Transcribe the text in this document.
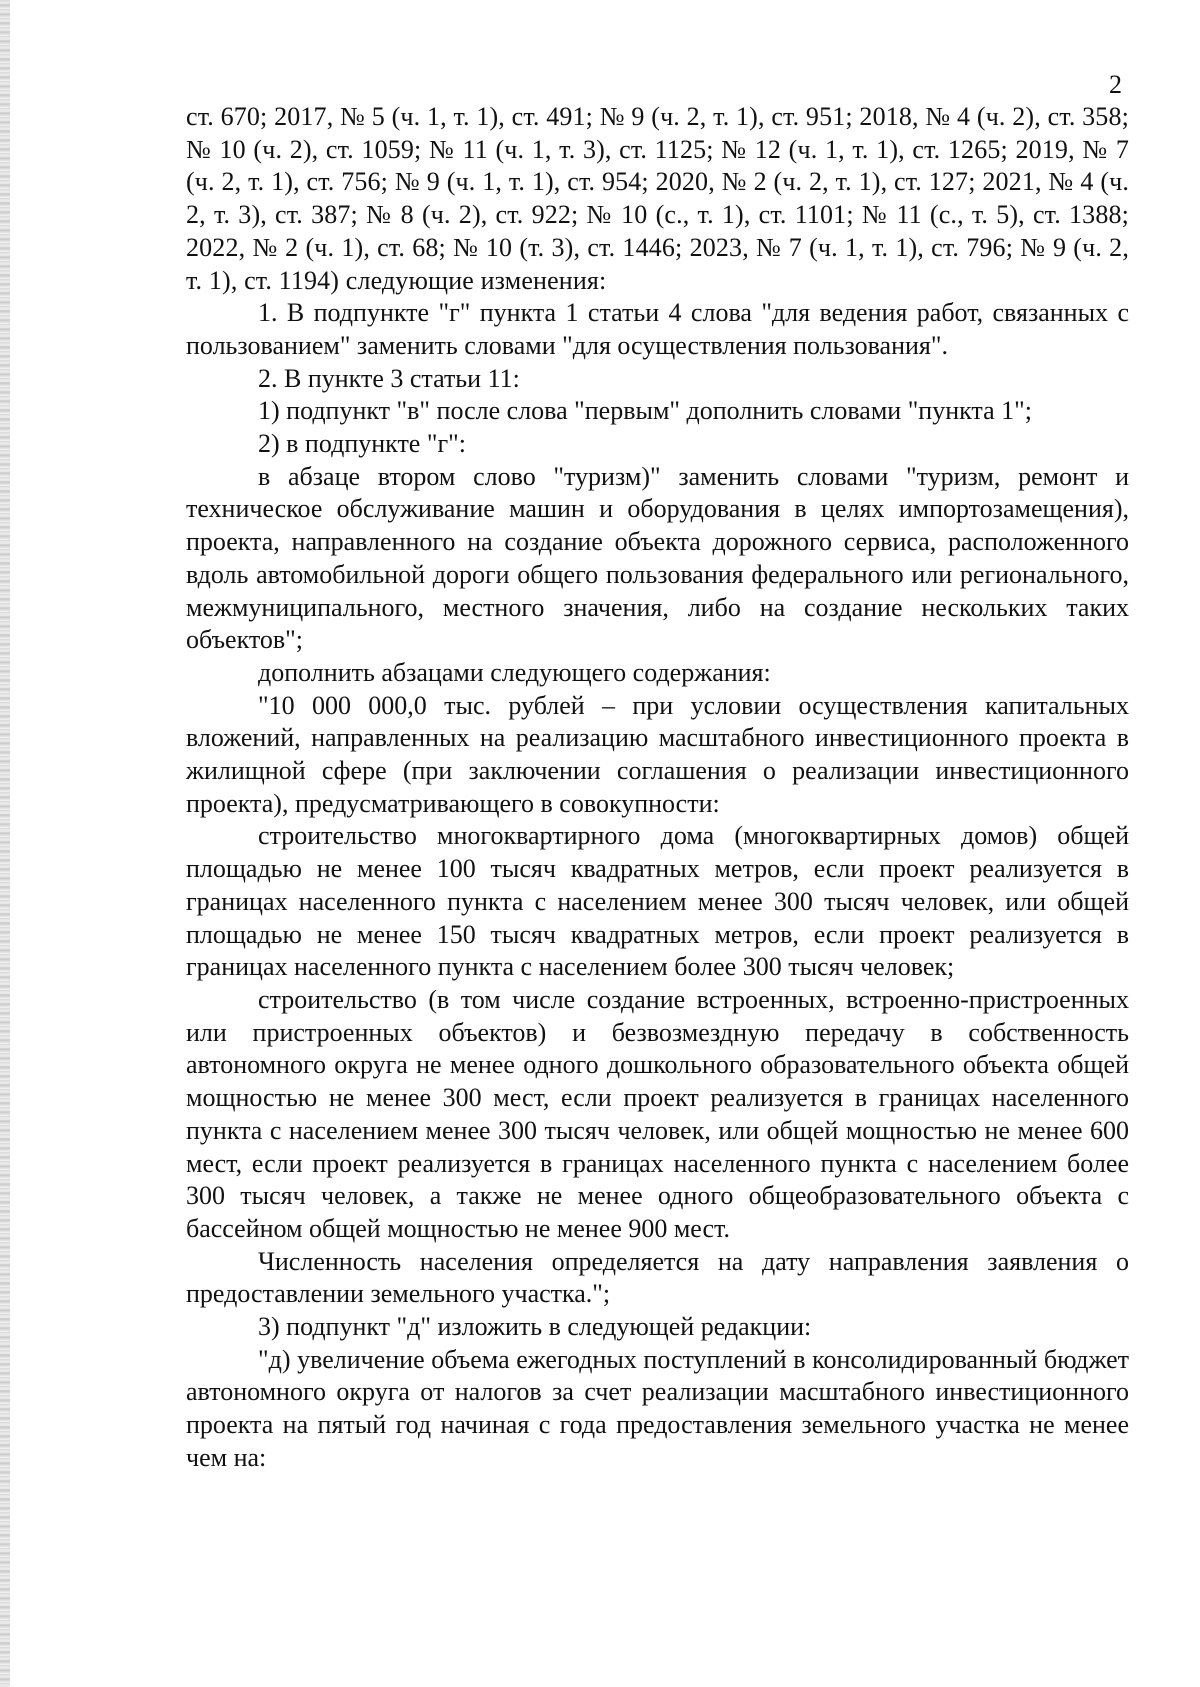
2

ст. 670; 2017, № 5 (ч. 1, т. 1), ст. 491; № 9 (ч. 2, т. 1), ст. 951; 2018, № 4 (ч. 2), ст. 358; № 10 (ч. 2), ст. 1059; № 11 (ч. 1, т. 3), ст. 1125; № 12 (ч. 1, т. 1), ст. 1265; 2019, № 7 (ч. 2, т. 1), ст. 756; № 9 (ч. 1, т. 1), ст. 954; 2020, № 2 (ч. 2, т. 1), ст. 127; 2021, № 4 (ч. 2, т. 3), ст. 387; № 8 (ч. 2), ст. 922; № 10 (с., т. 1), ст. 1101; № 11 (с., т. 5), ст. 1388; 2022, № 2 (ч. 1), ст. 68; № 10 (т. 3), ст. 1446; 2023, № 7 (ч. 1, т. 1), ст. 796; № 9 (ч. 2, т. 1), ст. 1194) следующие изменения:

1. В подпункте "г" пункта 1 статьи 4 слова "для ведения работ, связанных с пользованием" заменить словами "для осуществления пользования".

2. В пункте 3 статьи 11:

1) подпункт "в" после слова "первым" дополнить словами "пункта 1";

2) в подпункте "г":

в абзаце втором слово "туризм)" заменить словами "туризм, ремонт и техническое обслуживание машин и оборудования в целях импортозамещения), проекта, направленного на создание объекта дорожного сервиса, расположенного вдоль автомобильной дороги общего пользования федерального или регионального, межмуниципального, местного значения, либо на создание нескольких таких объектов";

дополнить абзацами следующего содержания:

"10 000 000,0 тыс. рублей – при условии осуществления капитальных вложений, направленных на реализацию масштабного инвестиционного проекта в жилищной сфере (при заключении соглашения о реализации инвестиционного проекта), предусматривающего в совокупности:

строительство многоквартирного дома (многоквартирных домов) общей площадью не менее 100 тысяч квадратных метров, если проект реализуется в границах населенного пункта с населением менее 300 тысяч человек, или общей площадью не менее 150 тысяч квадратных метров, если проект реализуется в границах населенного пункта с населением более 300 тысяч человек;

строительство (в том числе создание встроенных, встроенно-пристроенных или пристроенных объектов) и безвозмездную передачу в собственность автономного округа не менее одного дошкольного образовательного объекта общей мощностью не менее 300 мест, если проект реализуется в границах населенного пункта с населением менее 300 тысяч человек, или общей мощностью не менее 600 мест, если проект реализуется в границах населенного пункта с населением более 300 тысяч человек, а также не менее одного общеобразовательного объекта с бассейном общей мощностью не менее 900 мест.

Численность населения определяется на дату направления заявления о предоставлении земельного участка.";

3) подпункт "д" изложить в следующей редакции:

"д) увеличение объема ежегодных поступлений в консолидированный бюджет автономного округа от налогов за счет реализации масштабного инвестиционного проекта на пятый год начиная с года предоставления земельного участка не менее чем на:
